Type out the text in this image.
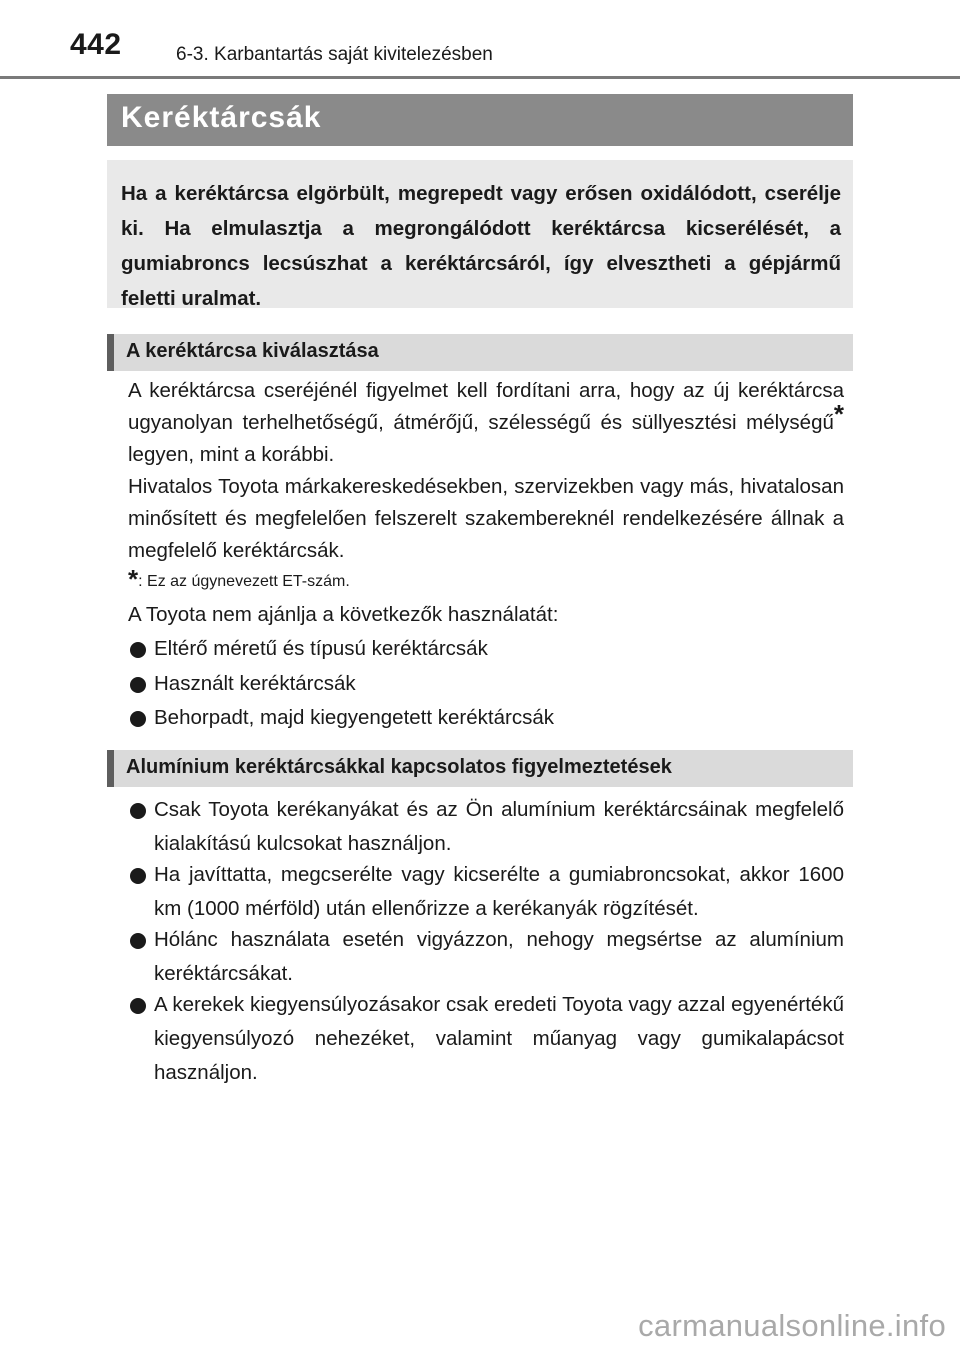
442	6-3. Karbantartás saját kivitelezésben
Keréktárcsák
Ha a keréktárcsa elgörbült, megrepedt vagy erősen oxidálódott, cserélje ki. Ha elmulasztja a megrongálódott keréktárcsa kicserélését, a gumiabroncs lecsúszhat a keréktárcsáról, így elvesztheti a gépjármű feletti uralmat.
A keréktárcsa kiválasztása

A keréktárcsa cseréjénél figyelmet kell fordítani arra, hogy az új keréktárcsa ugyanolyan terhelhetőségű, átmérőjű, szélességű és süllyesztési mélységű* legyen, mint a korábbi.

Hivatalos Toyota márkakereskedésekben, szervizekben vagy más, hivatalosan minősített és megfelelően felszerelt szakembereknél rendelkezésére állnak a megfelelő keréktárcsák.

*: Ez az úgynevezett ET-szám.
A Toyota nem ajánlja a következők használatát:
Eltérő méretű és típusú keréktárcsák
Használt keréktárcsák
Behorpadt, majd kiegyengetett keréktárcsák
Alumínium keréktárcsákkal kapcsolatos figyelmeztetések
Csak Toyota kerékanyákat és az Ön alumínium keréktárcsáinak megfelelő kialakítású kulcsokat használjon.
Ha javíttatta, megcserélte vagy kicserélte a gumiabroncsokat, akkor 1600 km (1000 mérföld) után ellenőrizze a kerékanyák rögzítését.
Hólánc használata esetén vigyázzon, nehogy megsértse az alumínium keréktárcsákat.
A kerekek kiegyensúlyozásakor csak eredeti Toyota vagy azzal egyenértékű kiegyensúlyozó nehezéket, valamint műanyag vagy gumikalapácsot használjon.
carmanualsonline.info
